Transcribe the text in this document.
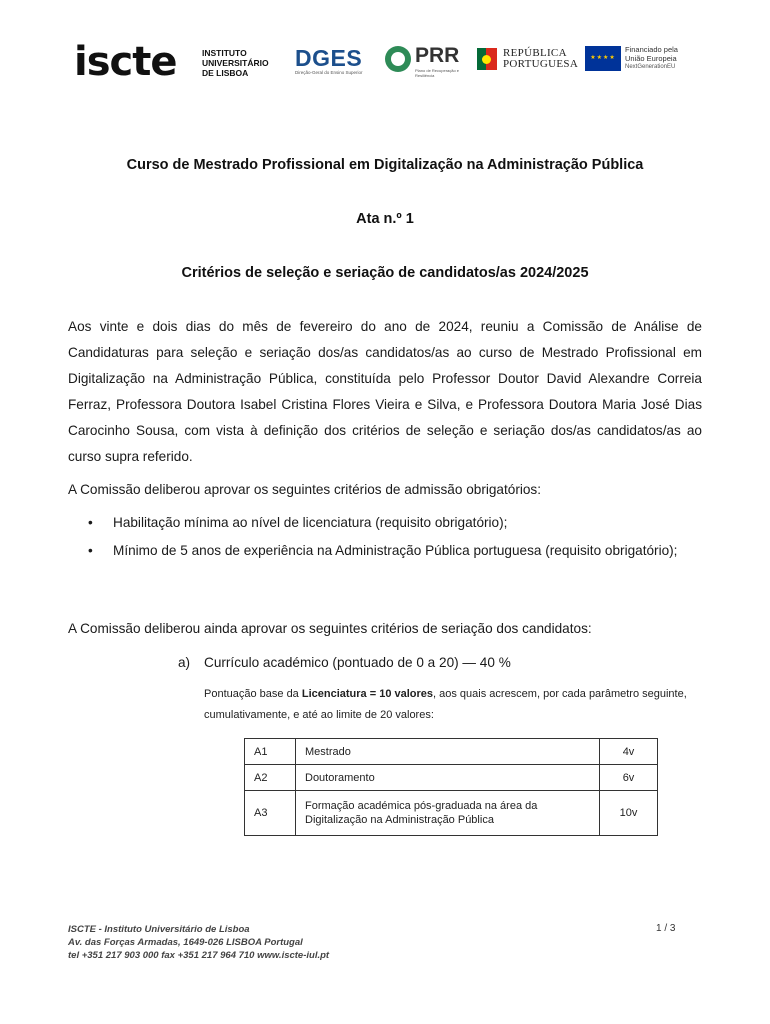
iscte	INSTITUTO
UNIVERSITÁRIO
DE LISBOA
DGES
Direção-Geral do Ensino Superior
PRR
Plano de Recuperação e Resiliência
REPÚBLICA
PORTUGUESA	★★★★
Financiado pela
União Europeia
NextGenerationEU
Curso de Mestrado Profissional em Digitalização na Administração Pública
Ata n.º 1
Critérios de seleção e seriação de candidatos/as 2024/2025
Aos vinte e dois dias do mês de fevereiro do ano de 2024, reuniu a Comissão de Análise de Candidaturas para seleção e seriação dos/as candidatos/as ao curso de Mestrado Profissional em Digitalização na Administração Pública, constituída pelo Professor Doutor David Alexandre Correia Ferraz, Professora Doutora Isabel Cristina Flores Vieira e Silva, e Professora Doutora Maria José Dias Carocinho Sousa, com vista à definição dos critérios de seleção e seriação dos/as candidatos/as ao curso supra referido.
A Comissão deliberou aprovar os seguintes critérios de admissão obrigatórios:
• Habilitação mínima ao nível de licenciatura (requisito obrigatório);
• Mínimo de 5 anos de experiência na Administração Pública portuguesa (requisito obrigatório);
A Comissão deliberou ainda aprovar os seguintes critérios de seriação dos candidatos:
a) Currículo académico (pontuado de 0 a 20) — 40 %
Pontuação base da Licenciatura = 10 valores, aos quais acrescem, por cada parâmetro seguinte, cumulativamente, e até ao limite de 20 valores:
A1	Mestrado	4v
A2	Doutoramento	6v
A3	Formação académica pós-graduada na área da Digitalização na Administração Pública	10v
ISCTE - Instituto Universitário de Lisboa
Av. das Forças Armadas, 1649-026 LISBOA Portugal
tel +351 217 903 000 fax +351 217 964 710 www.iscte-iul.pt
1 / 3
